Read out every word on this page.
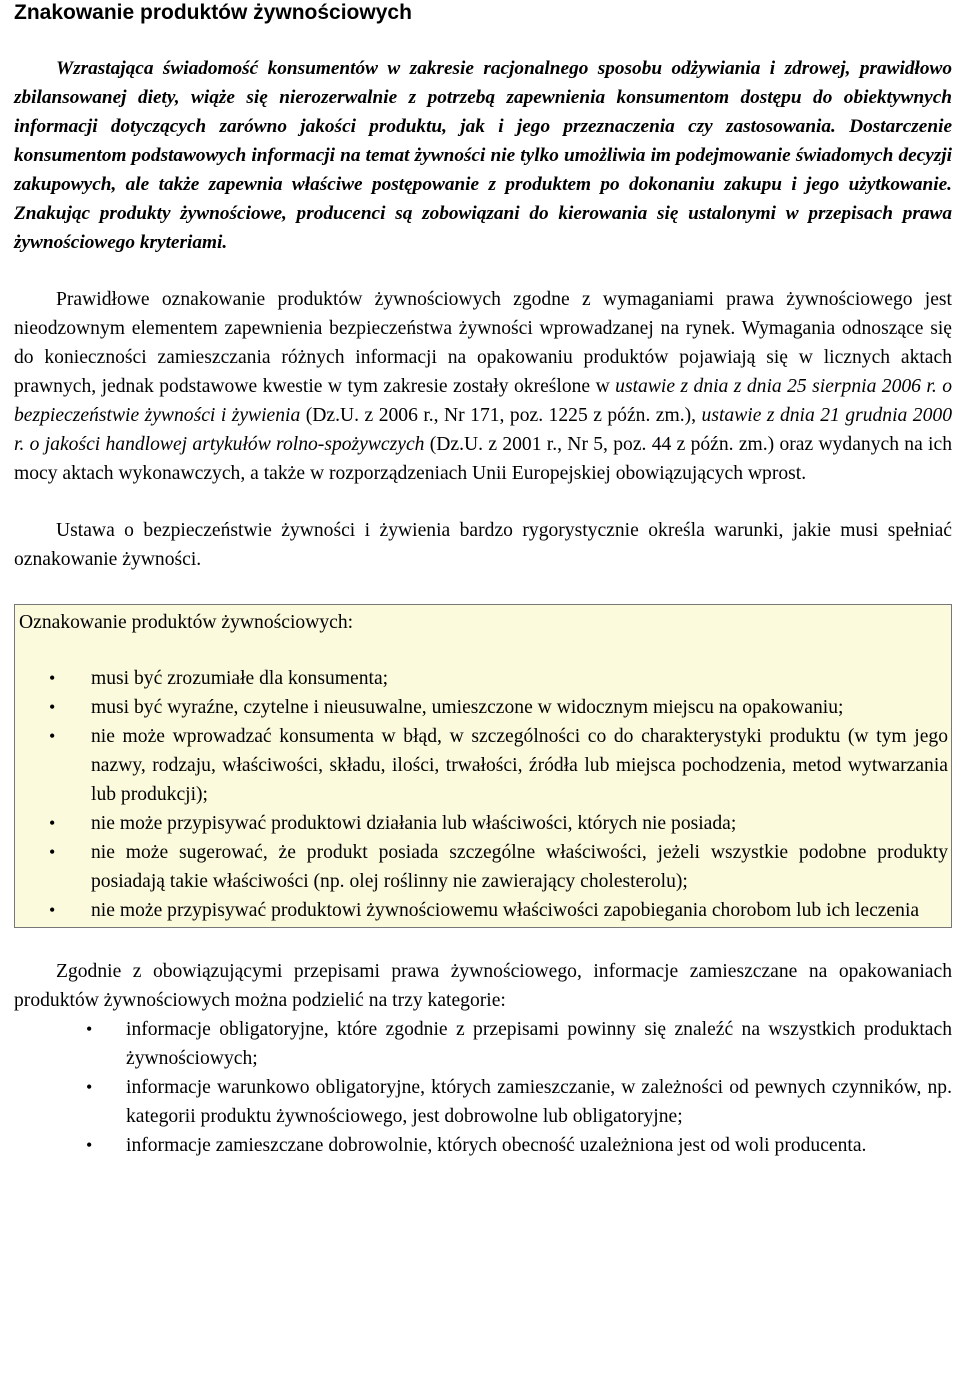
Znakowanie produktów żywnościowych

Wzrastająca świadomość konsumentów w zakresie racjonalnego sposobu odżywiania i zdrowej, prawidłowo zbilansowanej diety, wiąże się nierozerwalnie z potrzebą zapewnienia konsumentom dostępu do obiektywnych informacji dotyczących zarówno jakości produktu, jak i jego przeznaczenia czy zastosowania. Dostarczenie konsumentom podstawowych informacji na temat żywności nie tylko umożliwia im podejmowanie świadomych decyzji zakupowych, ale także zapewnia właściwe postępowanie z produktem po dokonaniu zakupu i jego użytkowanie. Znakując produkty żywnościowe, producenci są zobowiązani do kierowania się ustalonymi w przepisach prawa żywnościowego kryteriami.

Prawidłowe oznakowanie produktów żywnościowych zgodne z wymaganiami prawa żywnościowego jest nieodzownym elementem zapewnienia bezpieczeństwa żywności wprowadzanej na rynek. Wymagania odnoszące się do konieczności zamieszczania różnych informacji na opakowaniu produktów pojawiają się w licznych aktach prawnych, jednak podstawowe kwestie w tym zakresie zostały określone w ustawie z dnia z dnia 25 sierpnia 2006 r. o bezpieczeństwie żywności i żywienia (Dz.U. z 2006 r., Nr 171, poz. 1225 z późn. zm.), ustawie z dnia 21 grudnia 2000 r. o jakości handlowej artykułów rolno-spożywczych (Dz.U. z 2001 r., Nr 5, poz. 44 z późn. zm.) oraz wydanych na ich mocy aktach wykonawczych, a także w rozporządzeniach Unii Europejskiej obowiązujących wprost.

Ustawa o bezpieczeństwie żywności i żywienia bardzo rygorystycznie określa warunki, jakie musi spełniać oznakowanie żywności.

Oznakowanie produktów żywnościowych:

• musi być zrozumiałe dla konsumenta;
• musi być wyraźne, czytelne i nieusuwalne, umieszczone w widocznym miejscu na opakowaniu;
• nie może wprowadzać konsumenta w błąd, w szczególności co do charakterystyki produktu (w tym jego nazwy, rodzaju, właściwości, składu, ilości, trwałości, źródła lub miejsca pochodzenia, metod wytwarzania lub produkcji);
• nie może przypisywać produktowi działania lub właściwości, których nie posiada;
• nie może sugerować, że produkt posiada szczególne właściwości, jeżeli wszystkie podobne produkty posiadają takie właściwości (np. olej roślinny nie zawierający cholesterolu);
• nie może przypisywać produktowi żywnościowemu właściwości zapobiegania chorobom lub ich leczenia

Zgodnie z obowiązującymi przepisami prawa żywnościowego, informacje zamieszczane na opakowaniach produktów żywnościowych można podzielić na trzy kategorie:

• informacje obligatoryjne, które zgodnie z przepisami powinny się znaleźć na wszystkich produktach żywnościowych;
• informacje warunkowo obligatoryjne, których zamieszczanie, w zależności od pewnych czynników, np. kategorii produktu żywnościowego, jest dobrowolne lub obligatoryjne;
• informacje zamieszczane dobrowolnie, których obecność uzależniona jest od woli producenta.
